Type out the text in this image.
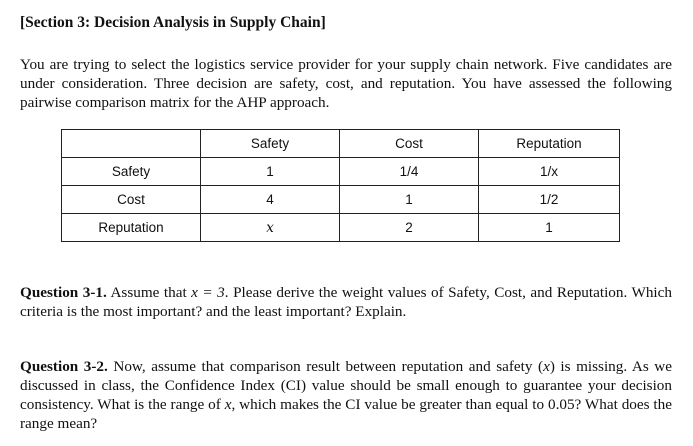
[Section 3: Decision Analysis in Supply Chain]
You are trying to select the logistics service provider for your supply chain network. Five candidates are under consideration. Three decision are safety, cost, and reputation. You have assessed the following pairwise comparison matrix for the AHP approach.
	Safety	Cost	Reputation
Safety	1	1/4	1/x
Cost	4	1	1/2
Reputation	x	2	1
Question 3-1. Assume that x = 3. Please derive the weight values of Safety, Cost, and Reputation. Which criteria is the most important? and the least important? Explain.
Question 3-2. Now, assume that comparison result between reputation and safety (x) is missing. As we discussed in class, the Confidence Index (CI) value should be small enough to guarantee your decision consistency. What is the range of x, which makes the CI value be greater than equal to 0.05? What does the range mean?
